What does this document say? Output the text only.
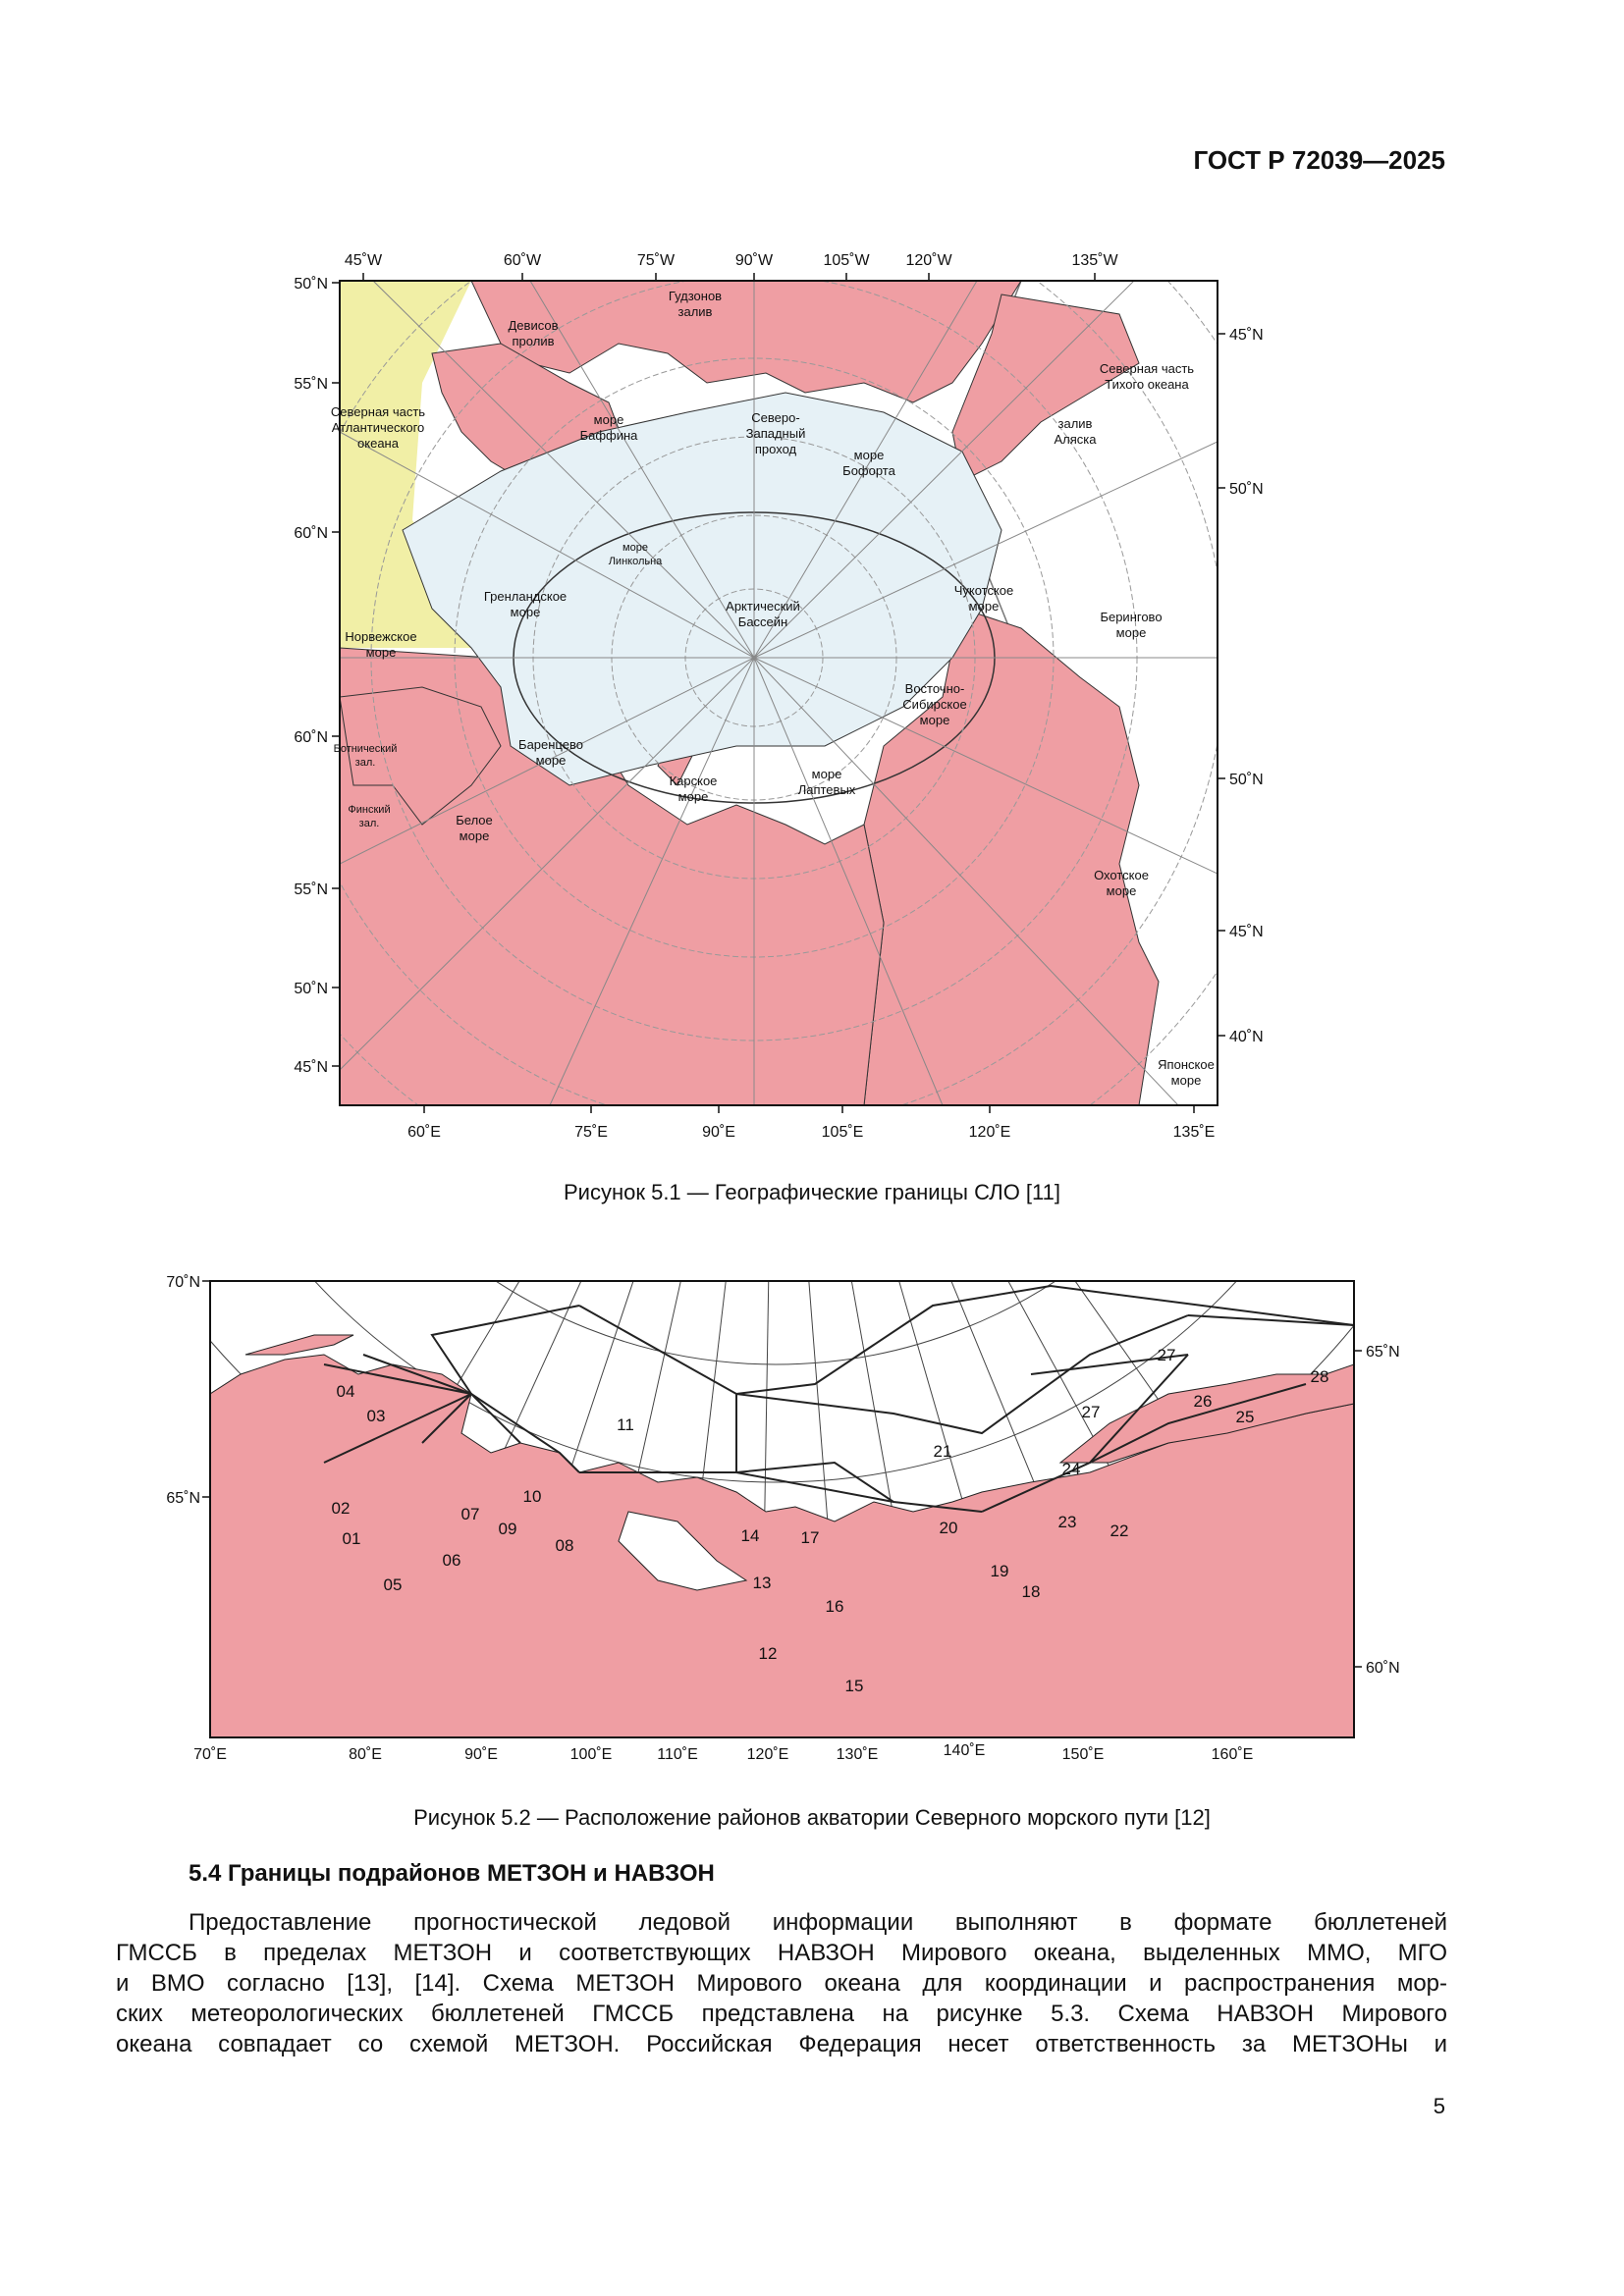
ГОСТ Р 72039—2025
45˚W	60˚W	75˚W	90˚W	105˚W 120˚W	135˚W
60˚E	75˚E	90˚E	105˚E	120˚E	135˚E
50˚N
55˚N
60˚N
60˚N
55˚N
50˚N
45˚N
45˚N
50˚N
50˚N
45˚N
40˚N
Гудзонов залив
Девисов пролив
Северная часть Атлантического океана
море Баффина
Северо-Западный проход	море Бофорта
море Линкольна
Гренландское море	Арктический Бассейн
Чукотское море
Норвежское море
Северная часть Тихого океана
залив Аляска
Берингово море
Восточно-Сибирское море
Ботнический зал.
Баренцево море
Карское море
море Лаптевых
Финский зал.	Белое море
Охотское море
Японское море
Рисунок 5.1 — Географические границы СЛО [11]
70˚E	80˚E	90˚E	100˚E	110˚E	120˚E	130˚E	140˚E	150˚E	160˚E
70˚N
65˚N
65˚N
60˚N
01
02
03
04
05
06
07
08
09
10
11
12
13
14
15
16
17
18
19
20
21
22
23
24
25
26
27
27
28
Рисунок 5.2 — Расположение районов акватории Северного морского пути [12]
5.4 Границы подрайонов МЕТЗОН и НАВЗОН
Предоставление прогностической ледовой информации выполняют в формате бюллетеней
ГМССБ в пределах МЕТЗОН и соответствующих НАВЗОН Мирового океана, выделенных ММО, МГО
и ВМО согласно [13], [14]. Схема МЕТЗОН Мирового океана для координации и распространения мор-
ских метеорологических бюллетеней ГМССБ представлена на рисунке 5.3. Схема НАВЗОН Мирового
океана совпадает со схемой МЕТЗОН. Российская Федерация несет ответственность за МЕТЗОНы и
5
